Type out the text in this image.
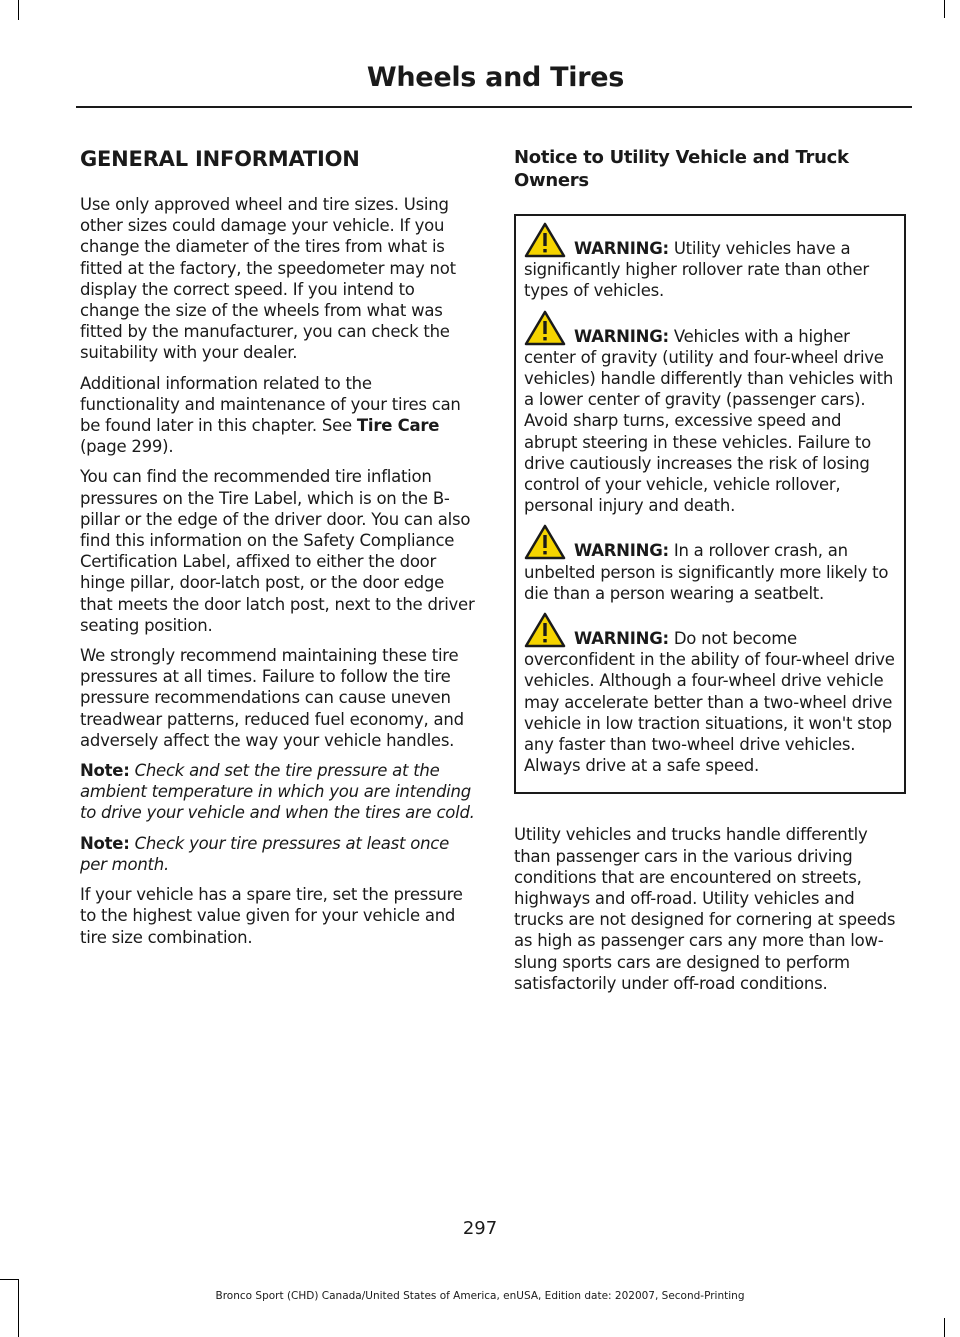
Wheels and Tires
GENERAL INFORMATION

Use only approved wheel and tire sizes. Using other sizes could damage your vehicle. If you change the diameter of the tires from what is fitted at the factory, the speedometer may not display the correct speed. If you intend to change the size of the wheels from what was fitted by the manufacturer, you can check the suitability with your dealer.

Additional information related to the functionality and maintenance of your tires can be found later in this chapter. See Tire Care (page 299).

You can find the recommended tire inflation pressures on the Tire Label, which is on the B-pillar or the edge of the driver door. You can also find this information on the Safety Compliance Certification Label, affixed to either the door hinge pillar, door-latch post, or the door edge that meets the door latch post, next to the driver seating position.

We strongly recommend maintaining these tire pressures at all times. Failure to follow the tire pressure recommendations can cause uneven treadwear patterns, reduced fuel economy, and adversely affect the way your vehicle handles.

Note: Check and set the tire pressure at the ambient temperature in which you are intending to drive your vehicle and when the tires are cold.

Note: Check your tire pressures at least once per month.

If your vehicle has a spare tire, set the pressure to the highest value given for your vehicle and tire size combination.

Notice to Utility Vehicle and Truck Owners
WARNING: Utility vehicles have a significantly higher rollover rate than other types of vehicles.
WARNING: Vehicles with a higher center of gravity (utility and four-wheel drive vehicles) handle differently than vehicles with a lower center of gravity (passenger cars). Avoid sharp turns, excessive speed and abrupt steering in these vehicles. Failure to drive cautiously increases the risk of losing control of your vehicle, vehicle rollover, personal injury and death.
WARNING: In a rollover crash, an unbelted person is significantly more likely to die than a person wearing a seatbelt.
WARNING: Do not become overconfident in the ability of four-wheel drive vehicles. Although a four-wheel drive vehicle may accelerate better than a two-wheel drive vehicle in low traction situations, it won't stop any faster than two-wheel drive vehicles. Always drive at a safe speed.

Utility vehicles and trucks handle differently than passenger cars in the various driving conditions that are encountered on streets, highways and off-road. Utility vehicles and trucks are not designed for cornering at speeds as high as passenger cars any more than low-slung sports cars are designed to perform satisfactorily under off-road conditions.

297
Bronco Sport (CHD) Canada/United States of America, enUSA, Edition date: 202007, Second-Printing
